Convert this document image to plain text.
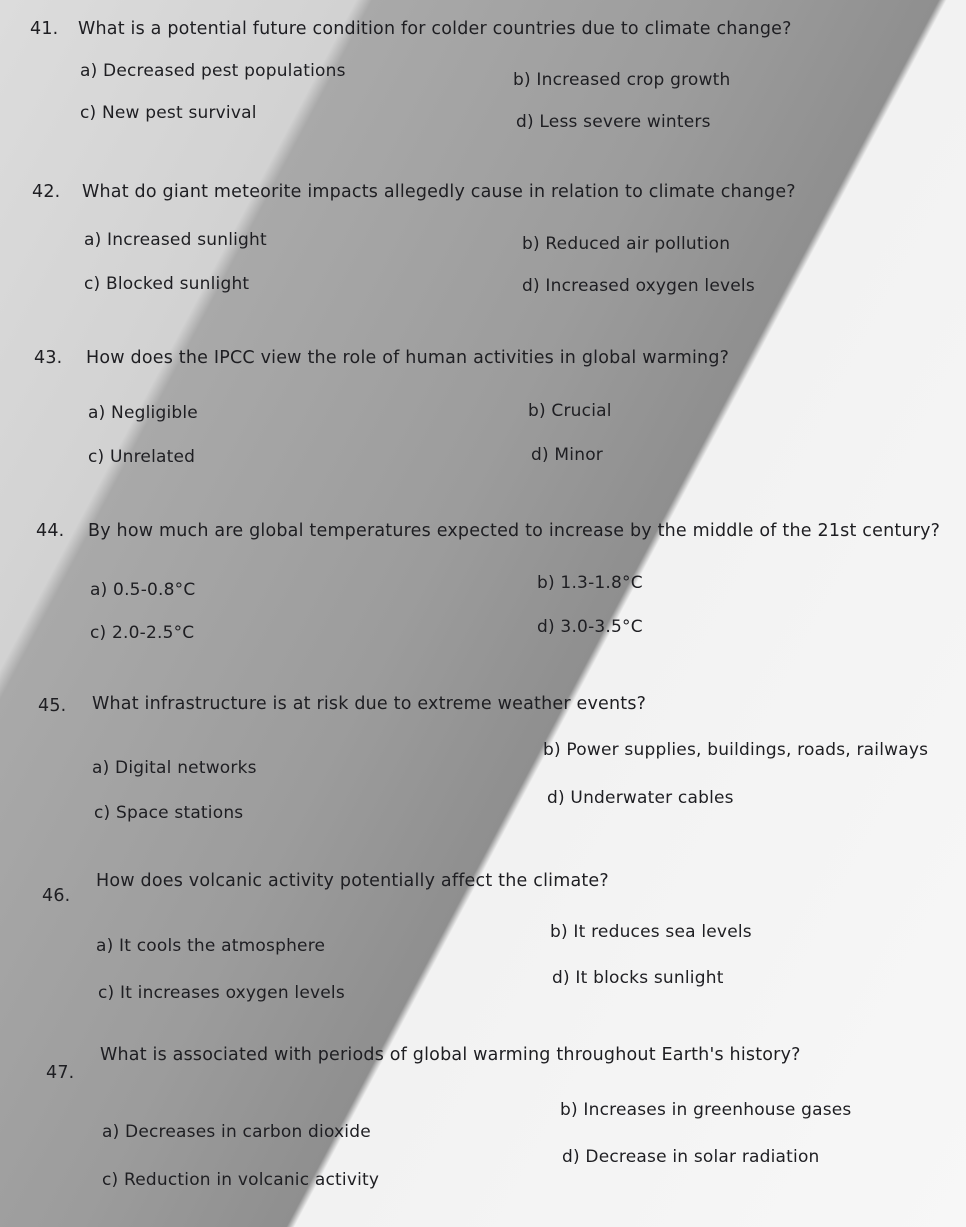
41. What is a potential future condition for colder countries due to climate change?
a) Decreased pest populations	b) Increased crop growth
c) New pest survival	d) Less severe winters
42. What do giant meteorite impacts allegedly cause in relation to climate change?
a) Increased sunlight	b) Reduced air pollution
c) Blocked sunlight	d) Increased oxygen levels
43. How does the IPCC view the role of human activities in global warming?
a) Negligible	b) Crucial
c) Unrelated	d) Minor
44. By how much are global temperatures expected to increase by the middle of the 21st century?
a) 0.5-0.8°C	b) 1.3-1.8°C
c) 2.0-2.5°C	d) 3.0-3.5°C
45. What infrastructure is at risk due to extreme weather events?
a) Digital networks
b) Power supplies, buildings, roads, railways
c) Space stations
d) Underwater cables
46.
How does volcanic activity potentially affect the climate?
a) It cools the atmosphere
b) It reduces sea levels
c) It increases oxygen levels
d) It blocks sunlight
47.
What is associated with periods of global warming throughout Earth's history?
a) Decreases in carbon dioxide
b) Increases in greenhouse gases
c) Reduction in volcanic activity
d) Decrease in solar radiation
